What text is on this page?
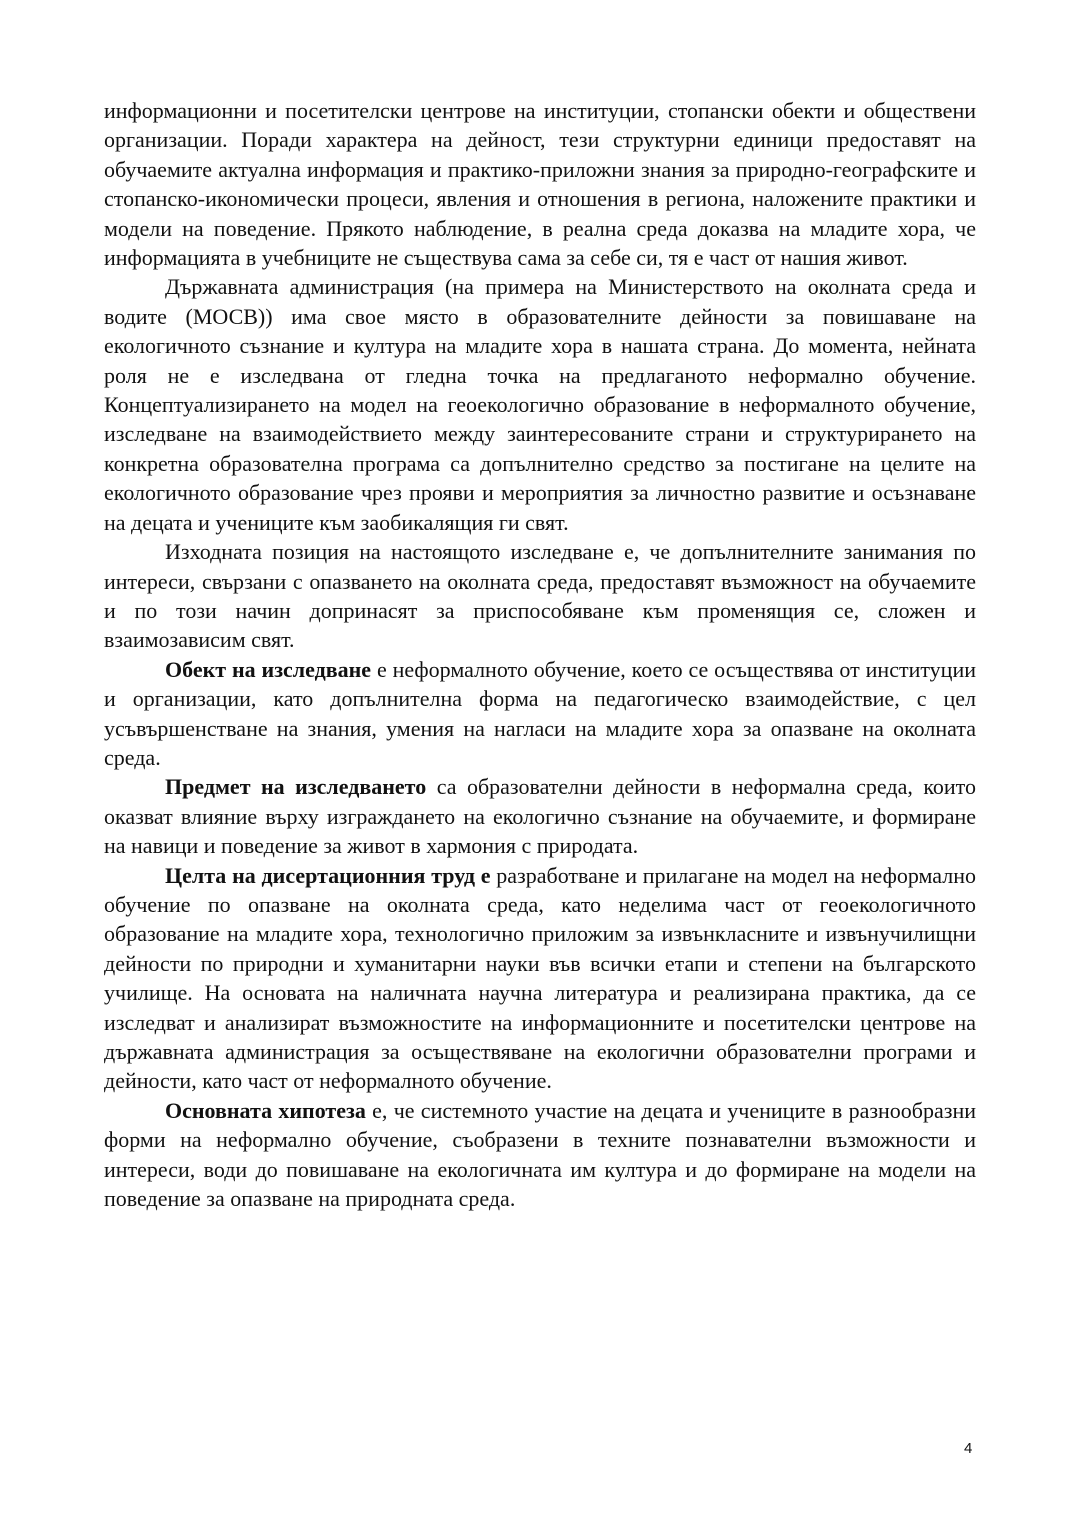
информационни и посетителски центрове на институции, стопански обекти и обществени организации. Поради характера на дейност, тези структурни единици предоставят на обучаемите актуална информация и практико-приложни знания за природно-географските и стопанско-икономически процеси, явления и отношения в региона, наложените практики и модели на поведение. Прякото наблюдение, в реална среда доказва на младите хора, че информацията в учебниците не съществува сама за себе си, тя е част от нашия живот.

Държавната администрация (на примера на Министерството на околната среда и водите (МОСВ)) има свое място в образователните дейности за повишаване на екологичното съзнание и култура на младите хора в нашата страна. До момента, нейната роля не е изследвана от гледна точка на предлаганото неформално обучение. Концептуализирането на модел на геоекологично образование в неформалното обучение, изследване на взаимодействието между заинтересованите страни и структурирането на конкретна образователна програма са допълнително средство за постигане на целите на екологичното образование чрез прояви и мероприятия за личностно развитие и осъзнаване на децата и учениците към заобикалящия ги свят.

Изходната позиция на настоящото изследване е, че допълнителните занимания по интереси, свързани с опазването на околната среда, предоставят възможност на обучаемите и по този начин допринасят за приспособяване към променящия се, сложен и взаимозависим свят.

Обект на изследване е неформалното обучение, което се осъществява от институции и организации, като допълнителна форма на педагогическо взаимодействие, с цел усъвършенстване на знания, умения на нагласи на младите хора за опазване на околната среда.

Предмет на изследването са образователни дейности в неформална среда, които оказват влияние върху изграждането на екологично съзнание на обучаемите, и формиране на навици и поведение за живот в хармония с природата.

Целта на дисертационния труд е разработване и прилагане на модел на неформално обучение по опазване на околната среда, като неделима част от геоекологичното образование на младите хора, технологично приложим за извънкласните и извънучилищни дейности по природни и хуманитарни науки във всички етапи и степени на българското училище. На основата на наличната научна литература и реализирана практика, да се изследват и анализират възможностите на информационните и посетителски центрове на държавната администрация за осъществяване на екологични образователни програми и дейности, като част от неформалното обучение.

Основната хипотеза е, че системното участие на децата и учениците в разнообразни форми на неформално обучение, съобразени в техните познавателни възможности и интереси, води до повишаване на екологичната им култура и до формиране на модели на поведение за опазване на природната среда.

4
